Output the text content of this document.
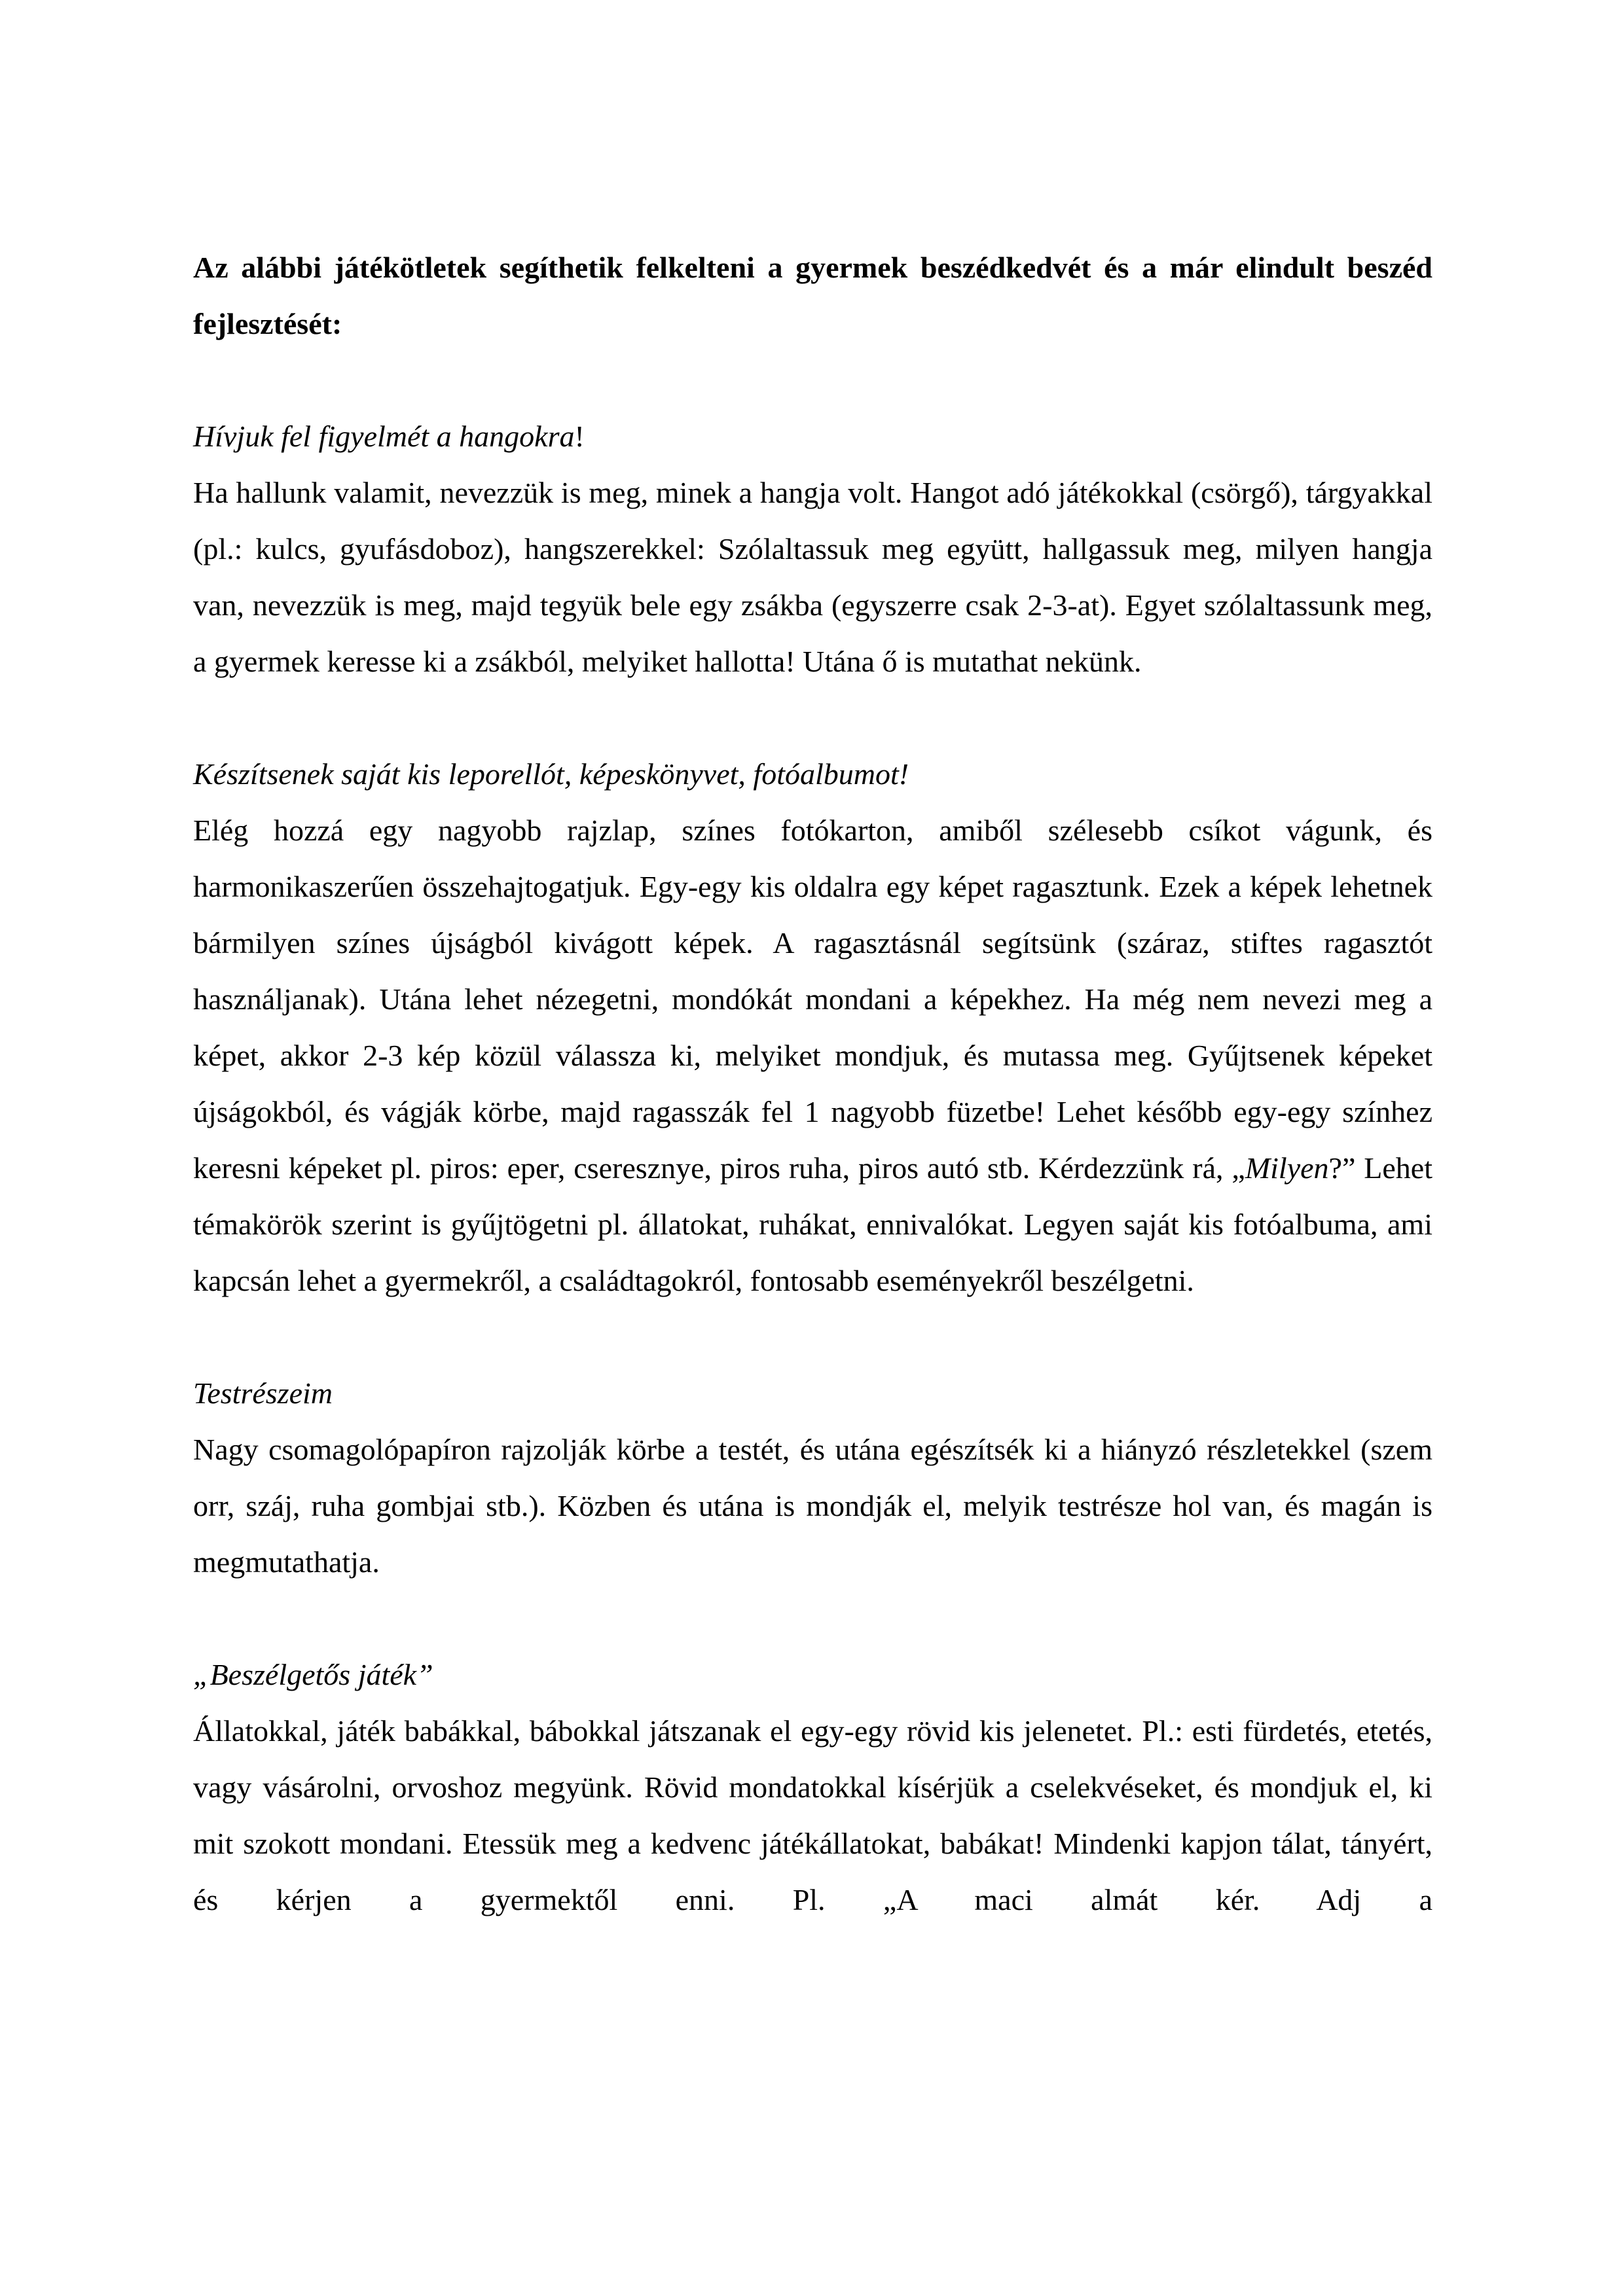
Az alábbi játékötletek segíthetik felkelteni a gyermek beszédkedvét és a már elindult beszéd fejlesztését:

Hívjuk fel figyelmét a hangokra!

Ha hallunk valamit, nevezzük is meg, minek a hangja volt. Hangot adó játékokkal (csörgő), tárgyakkal (pl.: kulcs, gyufásdoboz), hangszerekkel: Szólaltassuk meg együtt, hallgassuk meg, milyen hangja van, nevezzük is meg, majd tegyük bele egy zsákba (egyszerre csak 2-3-at). Egyet szólaltassunk meg, a gyermek keresse ki a zsákból, melyiket hallotta! Utána ő is mutathat nekünk.

Készítsenek saját kis leporellót, képeskönyvet, fotóalbumot!

Elég hozzá egy nagyobb rajzlap, színes fotókarton, amiből szélesebb csíkot vágunk, és harmonikaszerűen összehajtogatjuk. Egy-egy kis oldalra egy képet ragasztunk. Ezek a képek lehetnek bármilyen színes újságból kivágott képek. A ragasztásnál segítsünk (száraz, stiftes ragasztót használjanak). Utána lehet nézegetni, mondókát mondani a képekhez. Ha még nem nevezi meg a képet, akkor 2-3 kép közül válassza ki, melyiket mondjuk, és mutassa meg. Gyűjtsenek képeket újságokból, és vágják körbe, majd ragasszák fel 1 nagyobb füzetbe! Lehet később egy-egy színhez keresni képeket pl. piros: eper, cseresznye, piros ruha, piros autó stb. Kérdezzünk rá, „Milyen?” Lehet témakörök szerint is gyűjtögetni pl. állatokat, ruhákat, ennivalókat. Legyen saját kis fotóalbuma, ami kapcsán lehet a gyermekről, a családtagokról, fontosabb eseményekről beszélgetni.

Testrészeim

Nagy csomagolópapíron rajzolják körbe a testét, és utána egészítsék ki a hiányzó részletekkel (szem orr, száj, ruha gombjai stb.). Közben és utána is mondják el, melyik testrésze hol van, és magán is megmutathatja.

„Beszélgetős játék”

Állatokkal, játék babákkal, bábokkal játszanak el egy-egy rövid kis jelenetet. Pl.: esti fürdetés, etetés, vagy vásárolni, orvoshoz megyünk. Rövid mondatokkal kísérjük a cselekvéseket, és mondjuk el, ki mit szokott mondani. Etessük meg a kedvenc játékállatokat, babákat! Mindenki kapjon tálat, tányért, és kérjen a gyermektől enni. Pl. „A maci almát kér. Adj a
